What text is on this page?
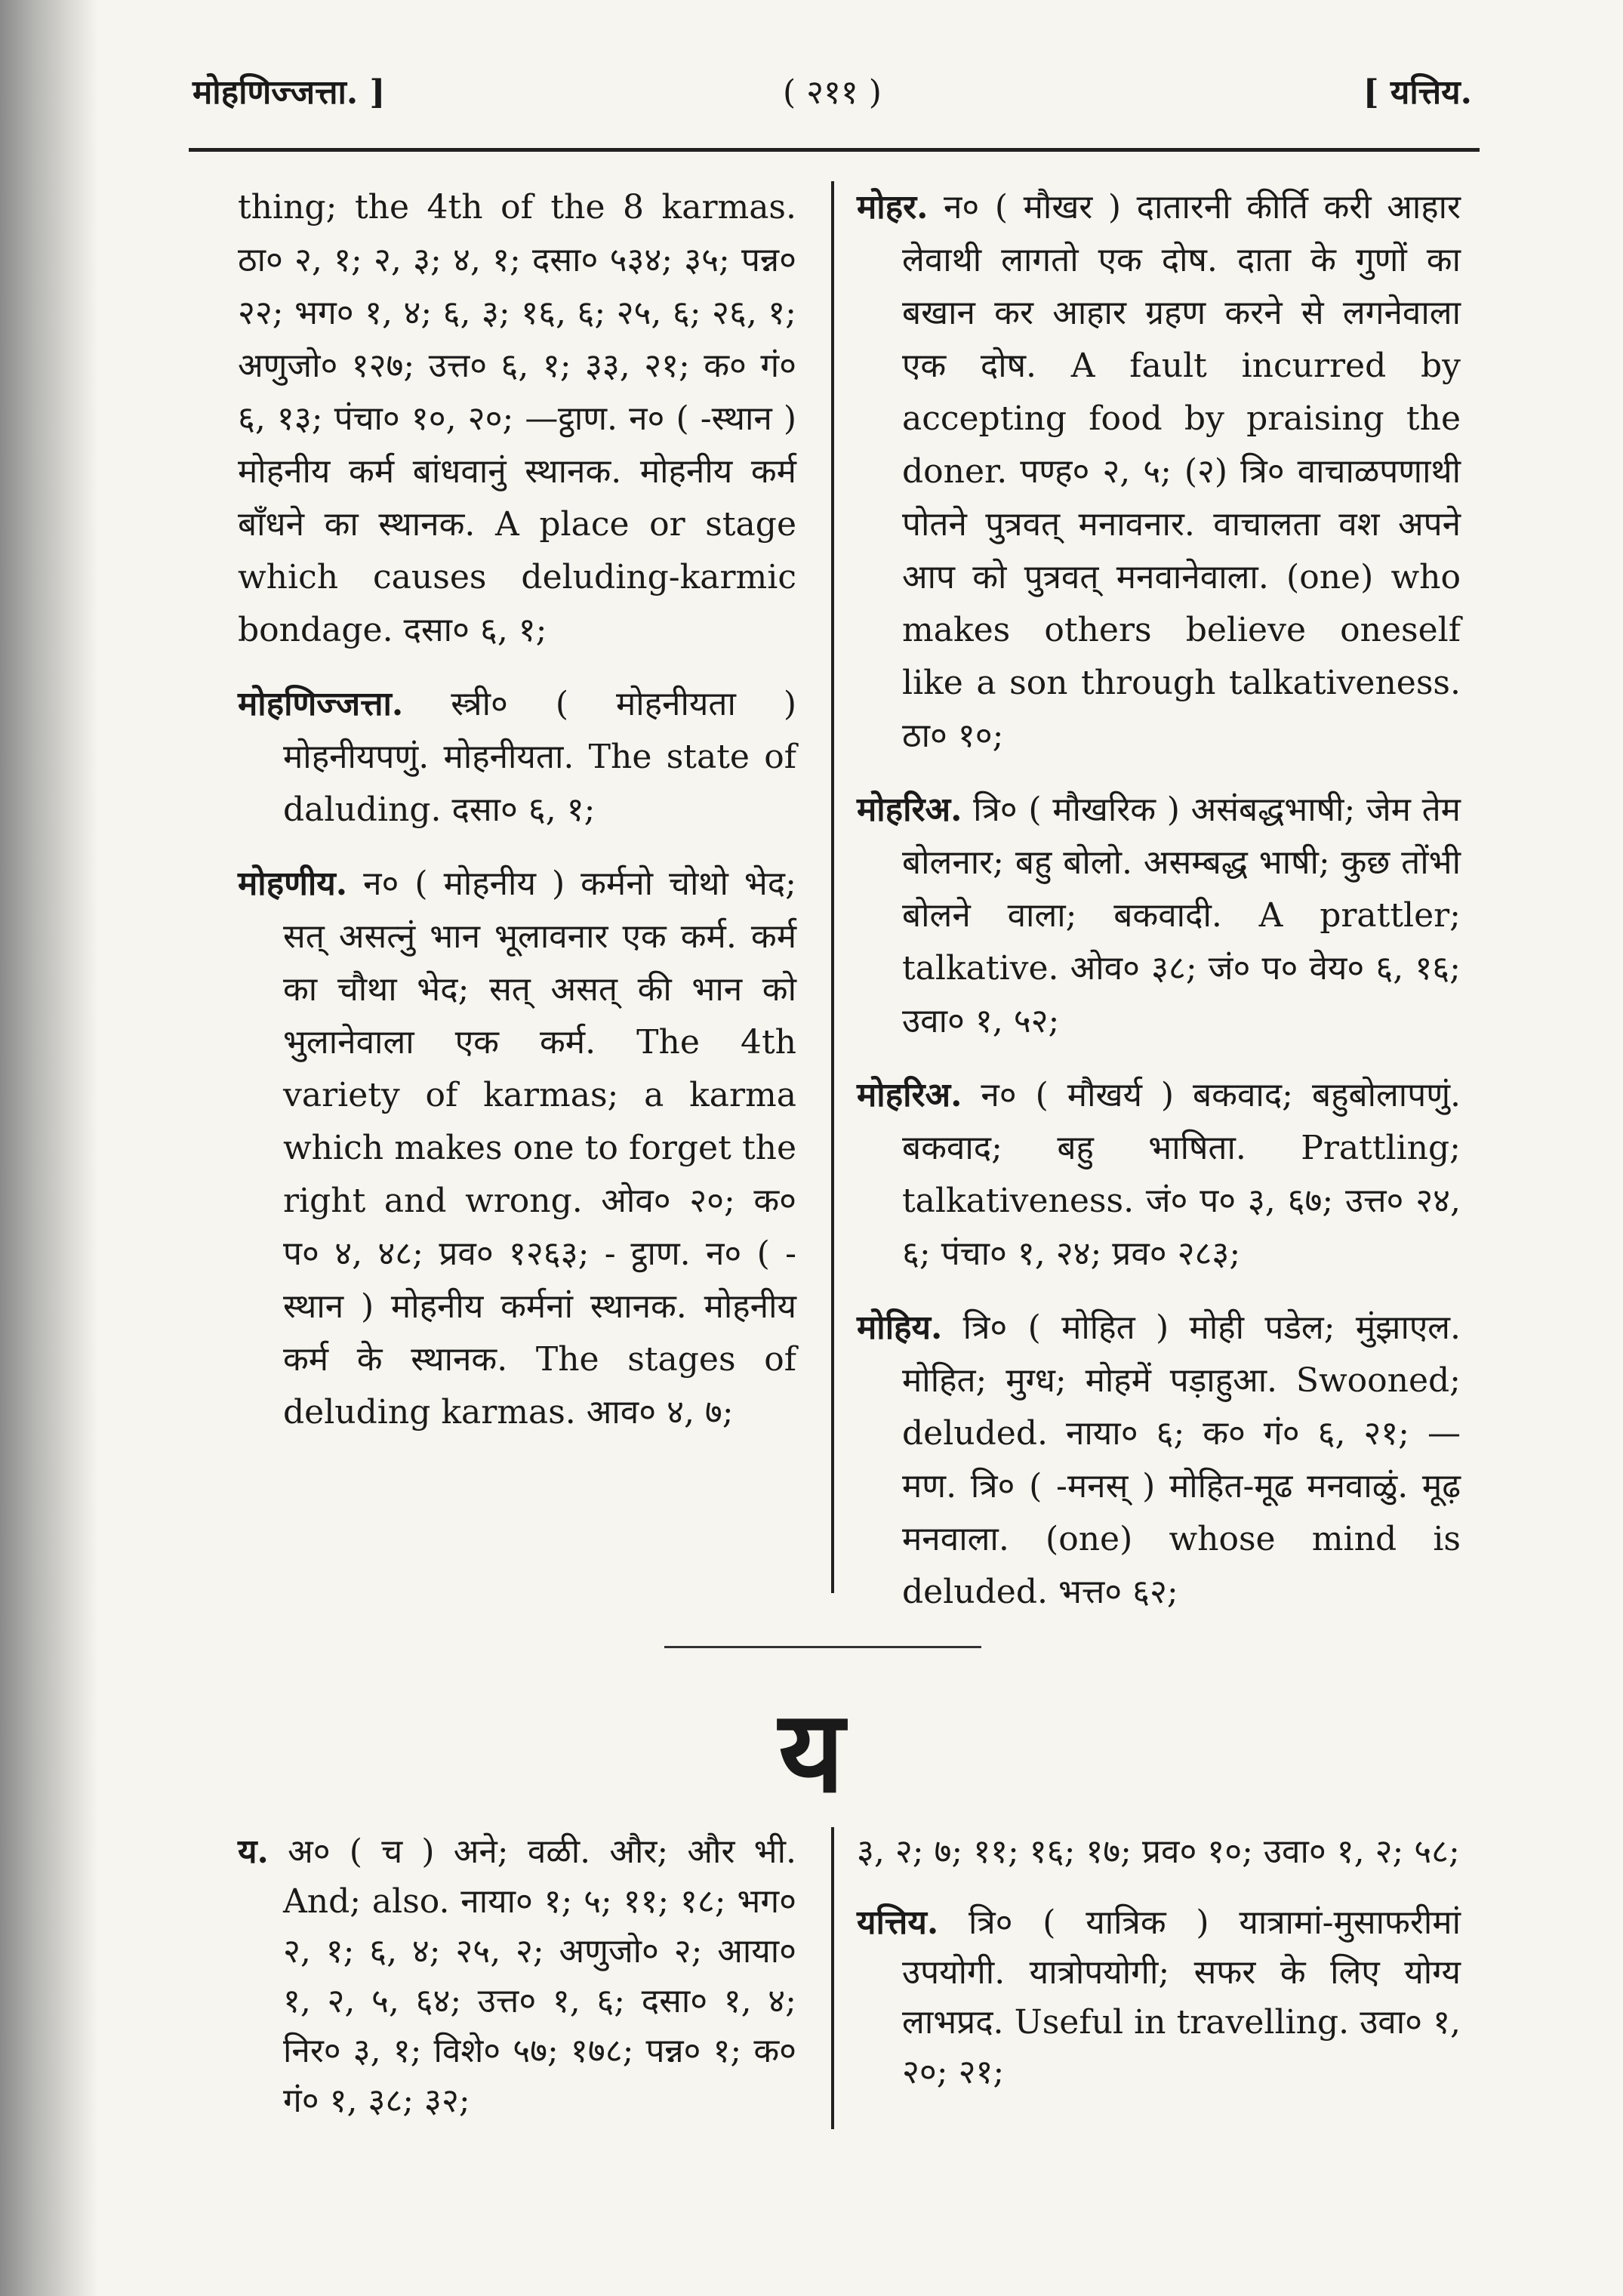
मोहणिज्जत्ता. ]	( २११ )	[ यत्तिय.

thing; the 4th of the 8 karmas. ठा० २, १; २, ३; ४, १; दसा० ५३४; ३५; पन्न० २२; भग० १, ४; ६, ३; १६, ६; २५, ६; २६, १; अणुजो० १२७; उत्त० ६, १; ३३, २१; क० गं० ६, १३; पंचा० १०, २०; —ट्ठाण. न० ( -स्थान ) मोहनीय कर्म बांधवानुं स्थानक. मोहनीय कर्म बाँधने का स्थानक. A place or stage which causes deluding-karmic bondage. दसा० ६, १;

मोहणिज्जत्ता. स्त्री० ( मोहनीयता ) मोहनीयपणुं. मोहनीयता. The state of daluding. दसा० ६, १;

मोहणीय. न० ( मोहनीय ) कर्मनो चोथो भेद; सत् असत्नुं भान भूलावनार एक कर्म. कर्म का चौथा भेद; सत् असत् की भान को भुलानेवाला एक कर्म. The 4th variety of karmas; a karma which makes one to forget the right and wrong. ओव० २०; क० प० ४, ४८; प्रव० १२६३; - ट्ठाण. न० ( -स्थान ) मोहनीय कर्मनां स्थानक. मोहनीय कर्म के स्थानक. The stages of deluding karmas. आव० ४, ७;

मोहर. न० ( मौखर ) दातारनी कीर्ति करी आहार लेवाथी लागतो एक दोष. दाता के गुणों का बखान कर आहार ग्रहण करने से लगनेवाला एक दोष. A fault incurred by accepting food by praising the doner. पण्ह० २, ५; (२) त्रि० वाचाळपणाथी पोतने पुत्रवत् मनावनार. वाचालता वश अपने आप को पुत्रवत् मनवानेवाला. (one) who makes others believe oneself like a son through talkativeness. ठा० १०;

मोहरिअ. त्रि० ( मौखरिक ) असंबद्धभाषी; जेम तेम बोलनार; बहु बोलो. असम्बद्ध भाषी; कुछ तोंभी बोलने वाला; बकवादी. A prattler; talkative. ओव० ३८; जं० प० वेय० ६, १६; उवा० १, ५२;

मोहरिअ. न० ( मौखर्य ) बकवाद; बहुबोलापणुं. बकवाद; बहु भाषिता. Prattling; talkativeness. जं० प० ३, ६७; उत्त० २४, ६; पंचा० १, २४; प्रव० २८३;

मोहिय. त्रि० ( मोहित ) मोही पडेल; मुंझाएल. मोहित; मुग्ध; मोहमें पड़ाहुआ. Swooned; deluded. नाया० ६; क० गं० ६, २१; —मण. त्रि० ( -मनस् ) मोहित-मूढ मनवाळुं. मूढ़ मनवाला. (one) whose mind is deluded. भत्त० ६२;

य

य. अ० ( च ) अने; वळी. और; और भी. And; also. नाया० १; ५; ११; १८; भग० २, १; ६, ४; २५, २; अणुजो० २; आया० १, २, ५, ६४; उत्त० १, ६; दसा० १, ४; निर० ३, १; विशे० ५७; १७८; पन्न० १; क० गं० १, ३८; ३२;

३, २; ७; ११; १६; १७; प्रव० १०; उवा० १, २; ५८;

यत्तिय. त्रि० ( यात्रिक ) यात्रामां-मुसाफरीमां उपयोगी. यात्रोपयोगी; सफर के लिए योग्य लाभप्रद. Useful in travelling. उवा० १, २०; २१;
